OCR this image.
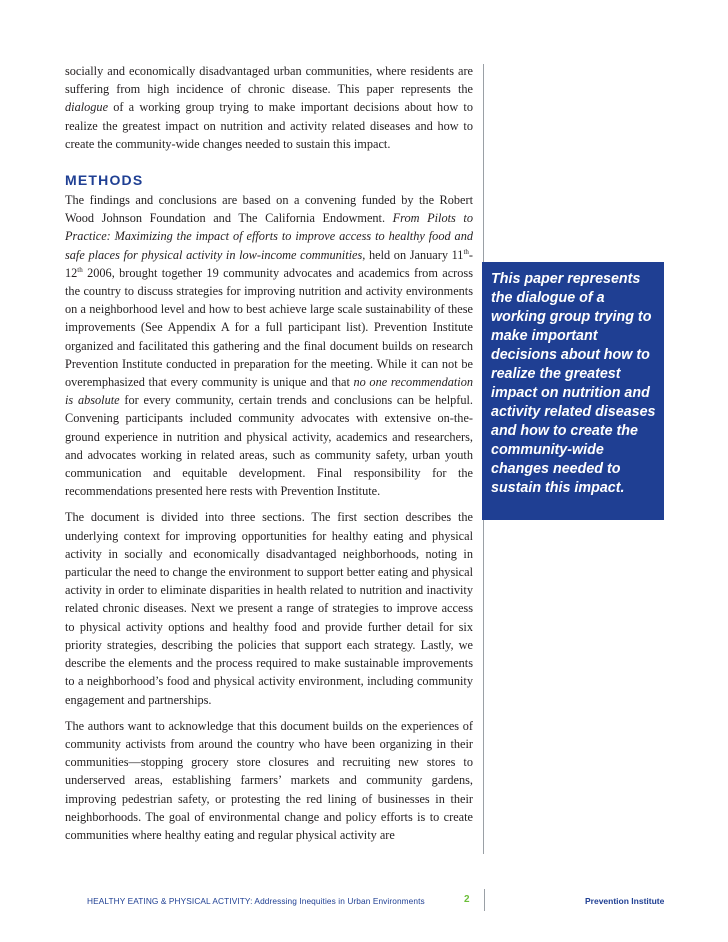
socially and economically disadvantaged urban communities, where residents are suffering from high incidence of chronic disease. This paper represents the dialogue of a working group trying to make important decisions about how to realize the greatest impact on nutrition and activity related diseases and how to create the community-wide changes needed to sustain this impact.

METHODS

The findings and conclusions are based on a convening funded by the Robert Wood Johnson Foundation and The California Endowment. From Pilots to Practice: Maximizing the impact of efforts to improve access to healthy food and safe places for physical activity in low-income communities, held on January 11th-12th 2006, brought together 19 community advocates and academics from across the country to discuss strategies for improving nutrition and activity environments on a neighborhood level and how to best achieve large scale sustainability of these improvements (See Appendix A for a full participant list). Prevention Institute organized and facilitated this gathering and the final document builds on research Prevention Institute conducted in preparation for the meeting. While it can not be overemphasized that every community is unique and that no one recommendation is absolute for every community, certain trends and conclusions can be helpful. Convening participants included community advocates with extensive on-the-ground experience in nutrition and physical activity, academics and researchers, and advocates working in related areas, such as community safety, urban youth communication and equitable development. Final responsibility for the recommendations presented here rests with Prevention Institute.

The document is divided into three sections. The first section describes the underlying context for improving opportunities for healthy eating and physical activity in socially and economically disadvantaged neighborhoods, noting in particular the need to change the environment to support better eating and physical activity in order to eliminate disparities in health related to nutrition and inactivity related chronic diseases. Next we present a range of strategies to improve access to physical activity options and healthy food and provide further detail for six priority strategies, describing the policies that support each strategy. Lastly, we describe the elements and the process required to make sustainable improvements to a neighborhood’s food and physical activity environment, including community engagement and partnerships.

The authors want to acknowledge that this document builds on the experiences of community activists from around the country who have been organizing in their communities—stopping grocery store closures and recruiting new stores to underserved areas, establishing farmers’ markets and community gardens, improving pedestrian safety, or protesting the red lining of businesses in their neighborhoods. The goal of environmental change and policy efforts is to create communities where healthy eating and regular physical activity are

This paper represents the dialogue of a working group trying to make important decisions about how to realize the greatest impact on nutrition and activity related diseases and how to create the community-wide changes needed to sustain this impact.

HEALTHY EATING & PHYSICAL ACTIVITY: Addressing Inequities in Urban Environments	2	Prevention Institute
